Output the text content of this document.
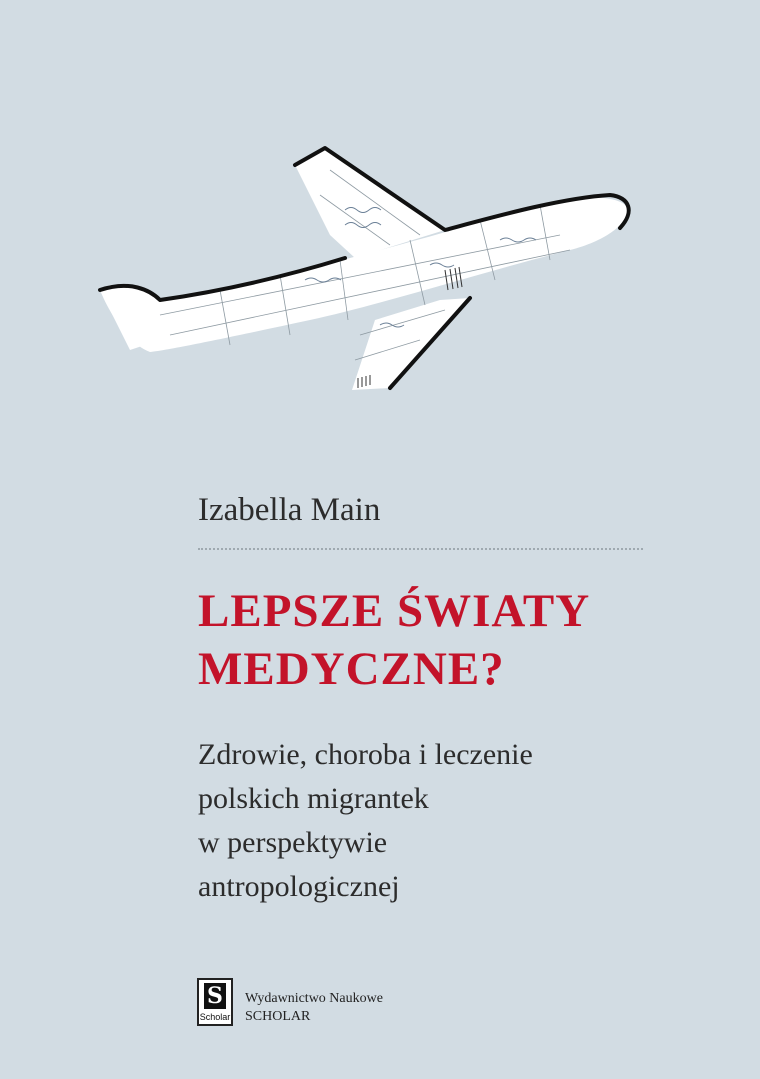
Izabella Main
LEPSZE ŚWIATY
MEDYCZNE?
Zdrowie, choroba i leczenie
polskich migrantek
w perspektywie
antropologicznej
S
Scholar
Wydawnictwo Naukowe
SCHOLAR
